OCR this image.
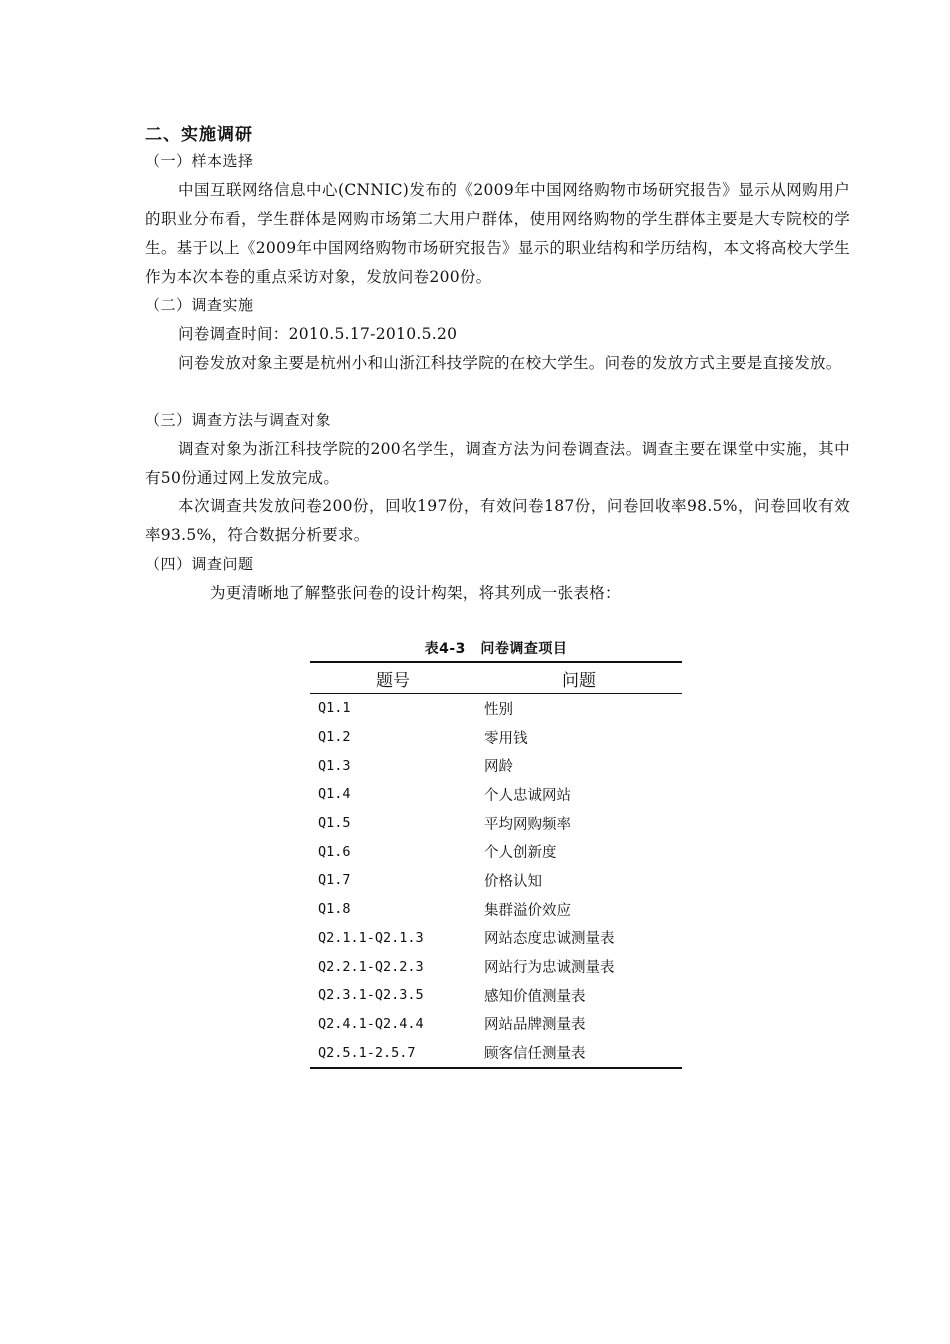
二、实施调研
（一）样本选择

中国互联网络信息中心(CNNIC)发布的《2009年中国网络购物市场研究报告》显示从网购用户的职业分布看，学生群体是网购市场第二大用户群体，使用网络购物的学生群体主要是大专院校的学生。基于以上《2009年中国网络购物市场研究报告》显示的职业结构和学历结构，本文将高校大学生作为本次本卷的重点采访对象，发放问卷200份。

（二）调查实施

问卷调查时间：2010.5.17-2010.5.20

问卷发放对象主要是杭州小和山浙江科技学院的在校大学生。问卷的发放方式主要是直接发放。

（三）调查方法与调查对象

调查对象为浙江科技学院的200名学生，调查方法为问卷调查法。调查主要在课堂中实施，其中有50份通过网上发放完成。

本次调查共发放问卷200份，回收197份，有效问卷187份，问卷回收率98.5%，问卷回收有效率93.5%，符合数据分析要求。

（四）调查问题
为更清晰地了解整张问卷的设计构架，将其列成一张表格：
表4-3　问卷调查项目
题号	问题
Q1.1	性别
Q1.2	零用钱
Q1.3	网龄
Q1.4	个人忠诚网站
Q1.5	平均网购频率
Q1.6	个人创新度
Q1.7	价格认知
Q1.8	集群溢价效应
Q2.1.1-Q2.1.3	网站态度忠诚测量表
Q2.2.1-Q2.2.3	网站行为忠诚测量表
Q2.3.1-Q2.3.5	感知价值测量表
Q2.4.1-Q2.4.4	网站品牌测量表
Q2.5.1-2.5.7	顾客信任测量表
